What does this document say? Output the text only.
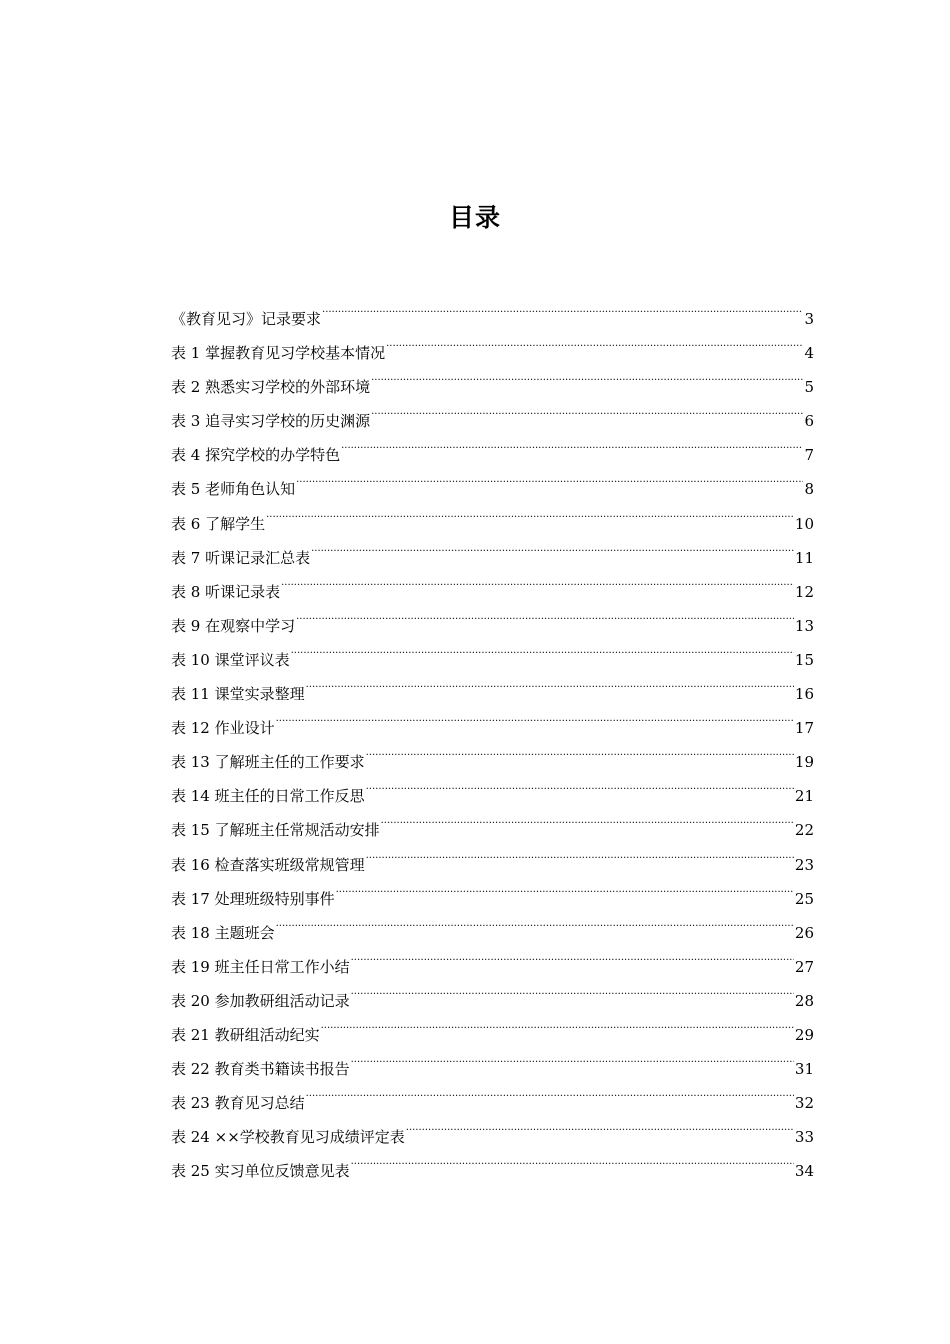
目录
《教育见习》记录要求 .....	3
表 1 掌握教育见习学校基本情况 .....	4
表 2 熟悉实习学校的外部环境 .....	5
表 3 追寻实习学校的历史渊源 .....	6
表 4 探究学校的办学特色 .....	7
表 5 老师角色认知 .....	8
表 6 了解学生 .....	10
表 7 听课记录汇总表 .....	11
表 8 听课记录表 .....	12
表 9 在观察中学习 .....	13
表 10 课堂评议表 .....	15
表 11 课堂实录整理 .....	16
表 12 作业设计 .....	17
表 13 了解班主任的工作要求 .....	19
表 14 班主任的日常工作反思 .....	21
表 15 了解班主任常规活动安排 .....	22
表 16 检查落实班级常规管理 .....	23
表 17 处理班级特别事件 .....	25
表 18 主题班会 .....	26
表 19 班主任日常工作小结 .....	27
表 20 参加教研组活动记录 .....	28
表 21 教研组活动纪实 .....	29
表 22 教育类书籍读书报告 .....	31
表 23 教育见习总结 .....	32
表 24 ××学校教育见习成绩评定表 .....	33
表 25 实习单位反馈意见表 .....	34
